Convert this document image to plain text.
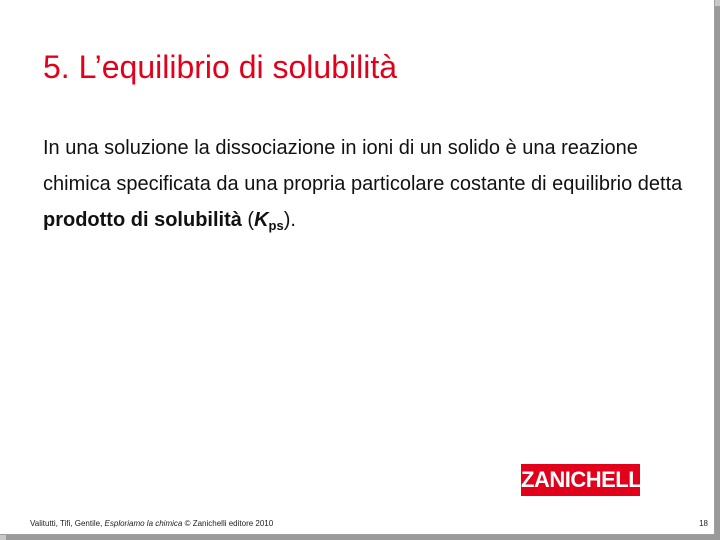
5. L’equilibrio di solubilità
In una soluzione la dissociazione in ioni di un solido è una reazione chimica specificata da una propria particolare costante di equilibrio detta prodotto di solubilità $(K_{ps})$.
ZANICHELLI
Valitutti, Tifi, Gentile, Esploriamo la chimica © Zanichelli editore 2010	18
